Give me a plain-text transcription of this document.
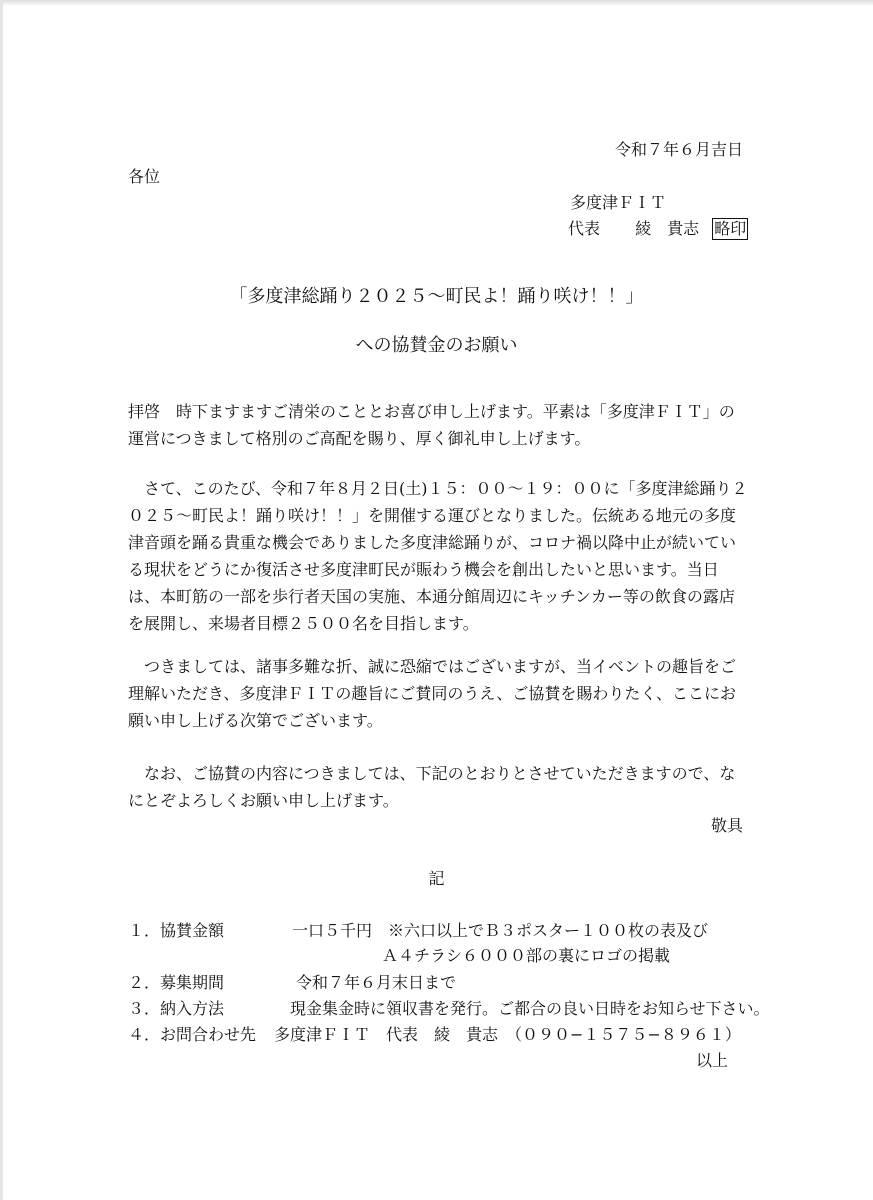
令和７年６月吉日
各位
多度津ＦＩＴ
代表 綾　貴志 略印
「多度津総踊り２０２５〜町民よ！踊り咲け！！」
への協賛金のお願い
拝啓　時下ますますご清栄のこととお喜び申し上げます。平素は「多度津ＦＩＴ」の運営につきまして格別のご高配を賜り、厚く御礼申し上げます。
さて、このたび、令和７年８月２日(土)１５：００〜１９：００に「多度津総踊り２０２５〜町民よ！踊り咲け！！」を開催する運びとなりました。伝統ある地元の多度津音頭を踊る貴重な機会でありました多度津総踊りが、コロナ禍以降中止が続いている現状をどうにか復活させ多度津町民が賑わう機会を創出したいと思います。当日は、本町筋の一部を歩行者天国の実施、本通分館周辺にキッチンカー等の飲食の露店を展開し、来場者目標２５００名を目指します。
つきましては、諸事多難な折、誠に恐縮ではございますが、当イベントの趣旨をご理解いただき、多度津ＦＩＴの趣旨にご賛同のうえ、ご協賛を賜わりたく、ここにお願い申し上げる次第でございます。
なお、ご協賛の内容につきましては、下記のとおりとさせていただきますので、なにとぞよろしくお願い申し上げます。
敬具
記
１．協賛金額	一口５千円　※六口以上でＢ３ポスター１００枚の表及び
Ａ４チラシ６０００部の裏にロゴの掲載
２．募集期間	令和７年６月末日まで
３．納入方法	現金集金時に領収書を発行。ご都合の良い日時をお知らせ下さい。
４．お問合わせ先 多度津ＦＩＴ　代表　綾　貴志　（０９０−１５７５−８９６１）
以上
